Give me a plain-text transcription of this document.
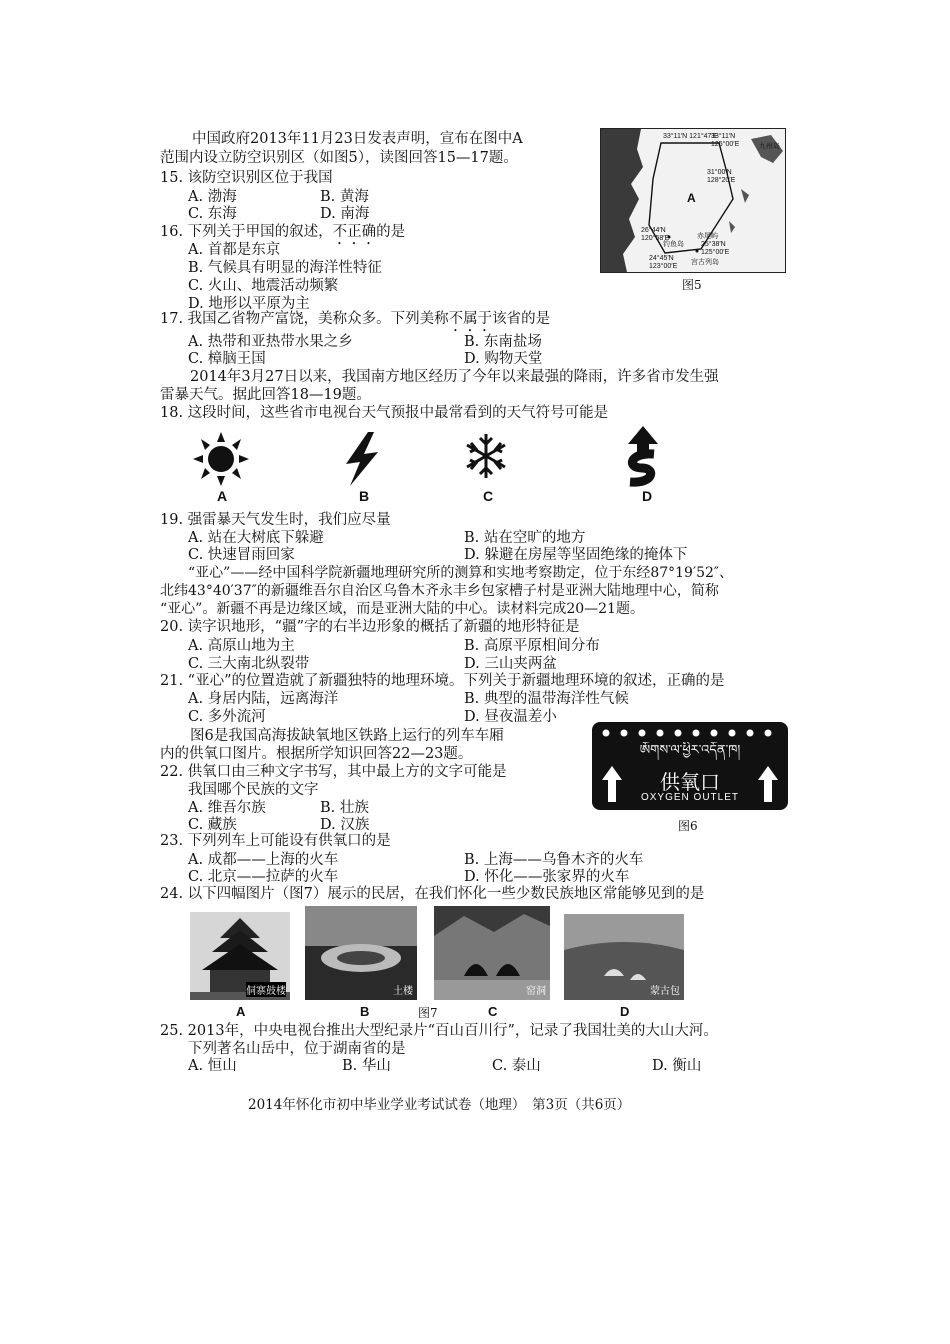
中国政府2013年11月23日发表声明，宣布在图中A
范围内设立防空识别区（如图5），读图回答15—17题。
15. 该防空识别区位于我国
A. 渤海	B. 黄海
C. 东海	D. 南海
16. 下列关于甲国的叙述，不正确的是
A. 首都是东京
B. 气候具有明显的海洋性特征
C. 火山、地震活动频繁
D. 地形以平原为主
33°11′N 121°47′E
33°11′N 125°00′E
31°00′N 128°20′E
26°44′N 120°58′E
25°38′N 125°00′E
24°45′N 123°00′E
钓鱼岛
赤尾屿
宫古列岛
九州岛
A
图5
17. 我国乙省物产富饶，美称众多。下列美称不属于该省的是
A. 热带和亚热带水果之乡	B. 东南盐场
C. 樟脑王国	D. 购物天堂
2014年3月27日以来，我国南方地区经历了今年以来最强的降雨，许多省市发生强
雷暴天气。据此回答18—19题。
18. 这段时间，这些省市电视台天气预报中最常看到的天气符号可能是
A	B	C	D
19. 强雷暴天气发生时，我们应尽量
A. 站在大树底下躲避	B. 站在空旷的地方
C. 快速冒雨回家	D. 躲避在房屋等坚固绝缘的掩体下
“亚心”——经中国科学院新疆地理研究所的测算和实地考察勘定，位于东经87°19′52″、
北纬43°40′37″的新疆维吾尔自治区乌鲁木齐永丰乡包家槽子村是亚洲大陆地理中心，简称
“亚心”。新疆不再是边缘区域，而是亚洲大陆的中心。读材料完成20—21题。
20. 读字识地形，“疆”字的右半边形象的概括了新疆的地形特征是
A. 高原山地为主	B. 高原平原相间分布
C. 三大南北纵裂带	D. 三山夹两盆
21. “亚心”的位置造就了新疆独特的地理环境。下列关于新疆地理环境的叙述，正确的是
A. 身居内陆，远离海洋	B. 典型的温带海洋性气候
C. 多外流河	D. 昼夜温差小
图6是我国高海拔缺氧地区铁路上运行的列车车厢
内的供氧口图片。根据所学知识回答22—23题。	ཨོགས་ལ་ཕྱིར་འདོན་ཁ།
供氧口
OXYGEN OUTLET
图6
22. 供氧口由三种文字书写，其中最上方的文字可能是
我国哪个民族的文字
A. 维吾尔族	B. 壮族
C. 藏族	D. 汉族
23. 下列列车上可能设有供氧口的是
A. 成都——上海的火车	B. 上海——乌鲁木齐的火车
C. 北京——拉萨的火车	D. 怀化——张家界的火车
24. 以下四幅图片（图7）展示的民居，在我们怀化一些少数民族地区常能够见到的是
侗寨鼓楼	土楼	窑洞	蒙古包
A	B	图7	C	D
25. 2013年，中央电视台推出大型纪录片“百山百川行”，记录了我国壮美的大山大河。
下列著名山岳中，位于湖南省的是
A. 恒山	B. 华山	C. 泰山	D. 衡山
2014年怀化市初中毕业学业考试试卷（地理）　第3页（共6页）
